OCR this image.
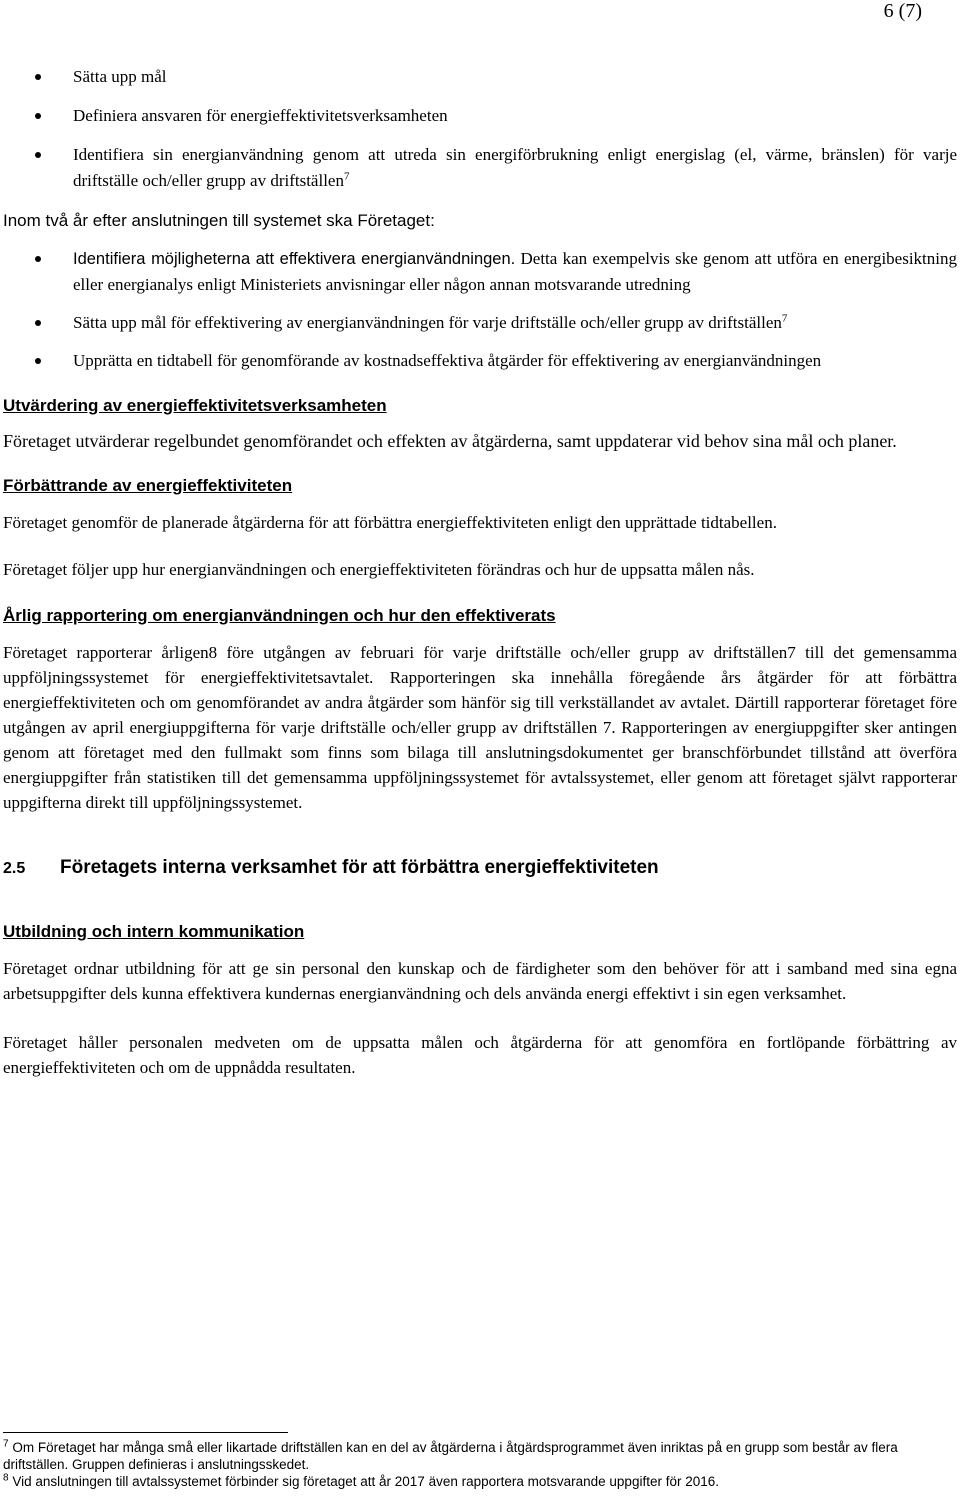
6 (7)
Sätta upp mål
Definiera ansvaren för energieffektivitetsverksamheten
Identifiera sin energianvändning genom att utreda sin energiförbrukning enligt energislag (el, värme, bränslen) för varje driftställe och/eller grupp av driftställen$^7$

Inom två år efter anslutningen till systemet ska Företaget:

Identifiera möjligheterna att effektivera energianvändningen. Detta kan exempelvis ske genom att utföra en energibesiktning eller energianalys enligt Ministeriets anvisningar eller någon annan motsvarande utredning
Sätta upp mål för effektivering av energianvändningen för varje driftställe och/eller grupp av driftställen$^7$
Upprätta en tidtabell för genomförande av kostnadseffektiva åtgärder för effektivering av energianvändningen
Utvärdering av energieffektivitetsverksamheten

Företaget utvärderar regelbundet genomförandet och effekten av åtgärderna, samt uppdaterar vid behov sina mål och planer.

Förbättrande av energieffektiviteten

Företaget genomför de planerade åtgärderna för att förbättra energieffektiviteten enligt den upprättade tidtabellen.

Företaget följer upp hur energianvändningen och energieffektiviteten förändras och hur de uppsatta målen nås.

Årlig rapportering om energianvändningen och hur den effektiverats

Företaget rapporterar årligen8 före utgången av februari för varje driftställe och/eller grupp av driftställen7 till det gemensamma uppföljningssystemet för energieffektivitetsavtalet. Rapporteringen ska innehålla föregående års åtgärder för att förbättra energieffektiviteten och om genomförandet av andra åtgärder som hänför sig till verkställandet av avtalet. Därtill rapporterar företaget före utgången av april energiuppgifterna för varje driftställe och/eller grupp av driftställen 7. Rapporteringen av energiuppgifter sker antingen genom att företaget med den fullmakt som finns som bilaga till anslutningsdokumentet ger branschförbundet tillstånd att överföra energiuppgifter från statistiken till det gemensamma uppföljningssystemet för avtalssystemet, eller genom att företaget självt rapporterar uppgifterna direkt till uppföljningssystemet.

2.5 Företagets interna verksamhet för att förbättra energieffektiviteten
Utbildning och intern kommunikation

Företaget ordnar utbildning för att ge sin personal den kunskap och de färdigheter som den behöver för att i samband med sina egna arbetsuppgifter dels kunna effektivera kundernas energianvändning och dels använda energi effektivt i sin egen verksamhet.

Företaget håller personalen medveten om de uppsatta målen och åtgärderna för att genomföra en fortlöpande förbättring av energieffektiviteten och om de uppnådda resultaten.

$^7$ Om Företaget har många små eller likartade driftställen kan en del av åtgärderna i åtgärdsprogrammet även inriktas på en grupp som består av flera driftställen. Gruppen definieras i anslutningsskedet.

$^8$ Vid anslutningen till avtalssystemet förbinder sig företaget att år 2017 även rapportera motsvarande uppgifter för 2016.
